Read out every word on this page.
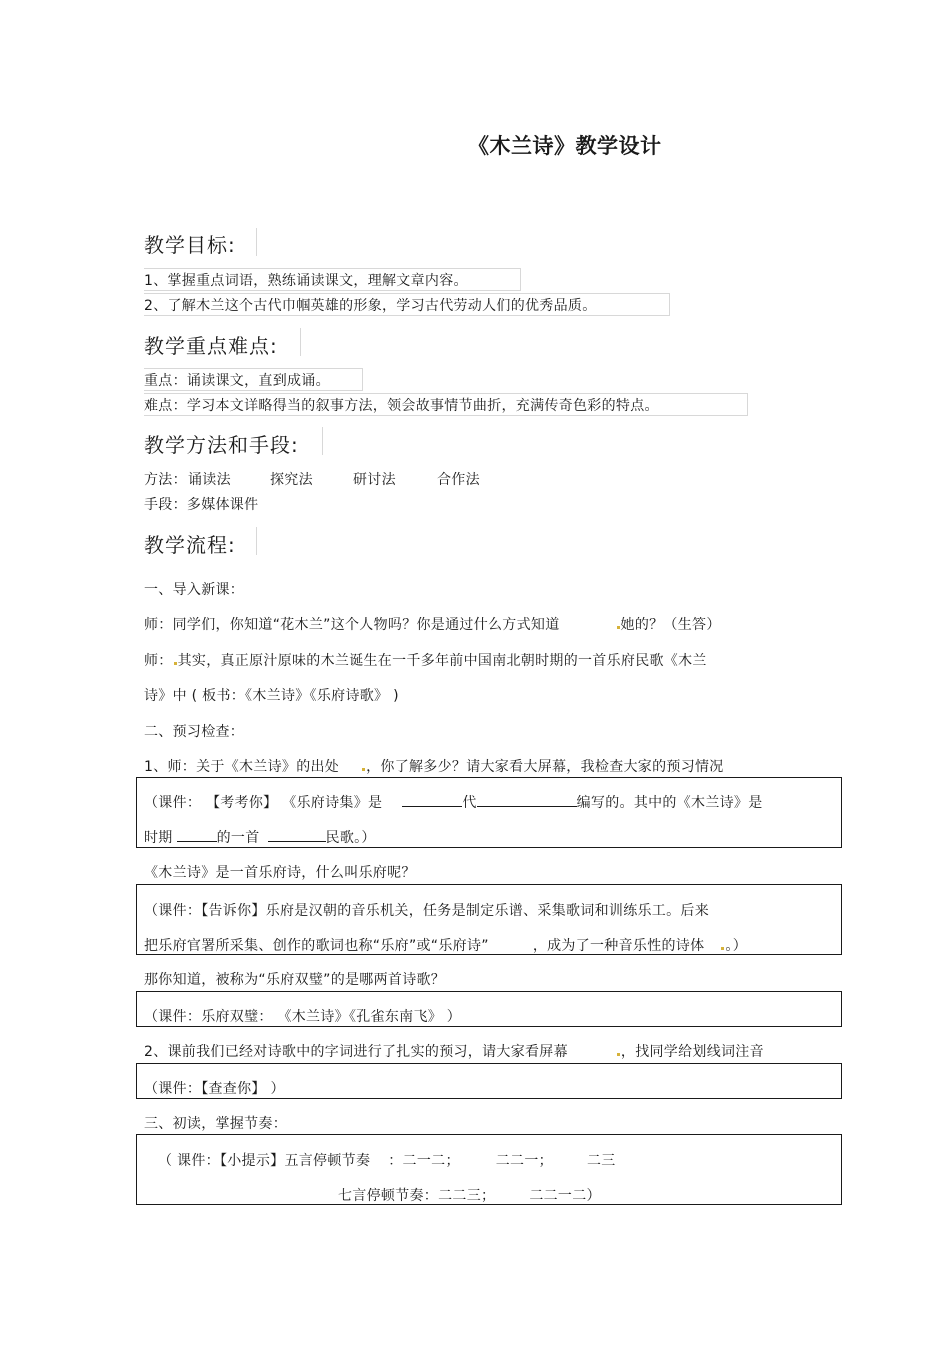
《木兰诗》教学设计
教学目标:
1、掌握重点词语，熟练诵读课文，理解文章内容。
2、了解木兰这个古代巾帼英雄的形象，学习古代劳动人们的优秀品质。
教学重点难点:
重点：诵读课文，直到成诵。
难点：学习本文详略得当的叙事方法，领会故事情节曲折，充满传奇色彩的特点。
教学方法和手段:
方法： 诵读法	探究法	研讨法	合作法
手段：多媒体课件
教学流程:
一、导入新课：
师：同学们，你知道“花木兰”这个人物吗？你是通过什么方式知道	她的？（生答）
师： 其实，真正原汁原味的木兰诞生在一千多年前中国南北朝时期的一首乐府民歌《木兰
诗》中 ( 板书：《木兰诗》《乐府诗歌》 )
二、预习检查：
1、师：关于《木兰诗》的出处 ，你了解多少？请大家看大屏幕，我检查大家的预习情况
（课件： 【考考你】 《乐府诗集》是	代	编写的。其中的《木兰诗》是
时期	的一首	民歌。）
《木兰诗》是一首乐府诗，什么叫乐府呢？
（课件：【告诉你】乐府是汉朝的音乐机关，任务是制定乐谱、采集歌词和训练乐工。后来
把乐府官署所采集、创作的歌词也称“乐府”或“乐府诗”	，成为了一种音乐性的诗体 。）
那你知道，被称为“乐府双璧”的是哪两首诗歌？
（课件：乐府双璧： 《木兰诗》《孔雀东南飞》 ）
2、课前我们已经对诗歌中的字词进行了扎实的预习，请大家看屏幕	，找同学给划线词注音
（课件：【查查你】 ）
三、初读，掌握节奏：
（ 课件：【小提示】五言停顿节奏 ：二一二；	二二一； 二三
七言停顿节奏：二二三； 二二一二）
